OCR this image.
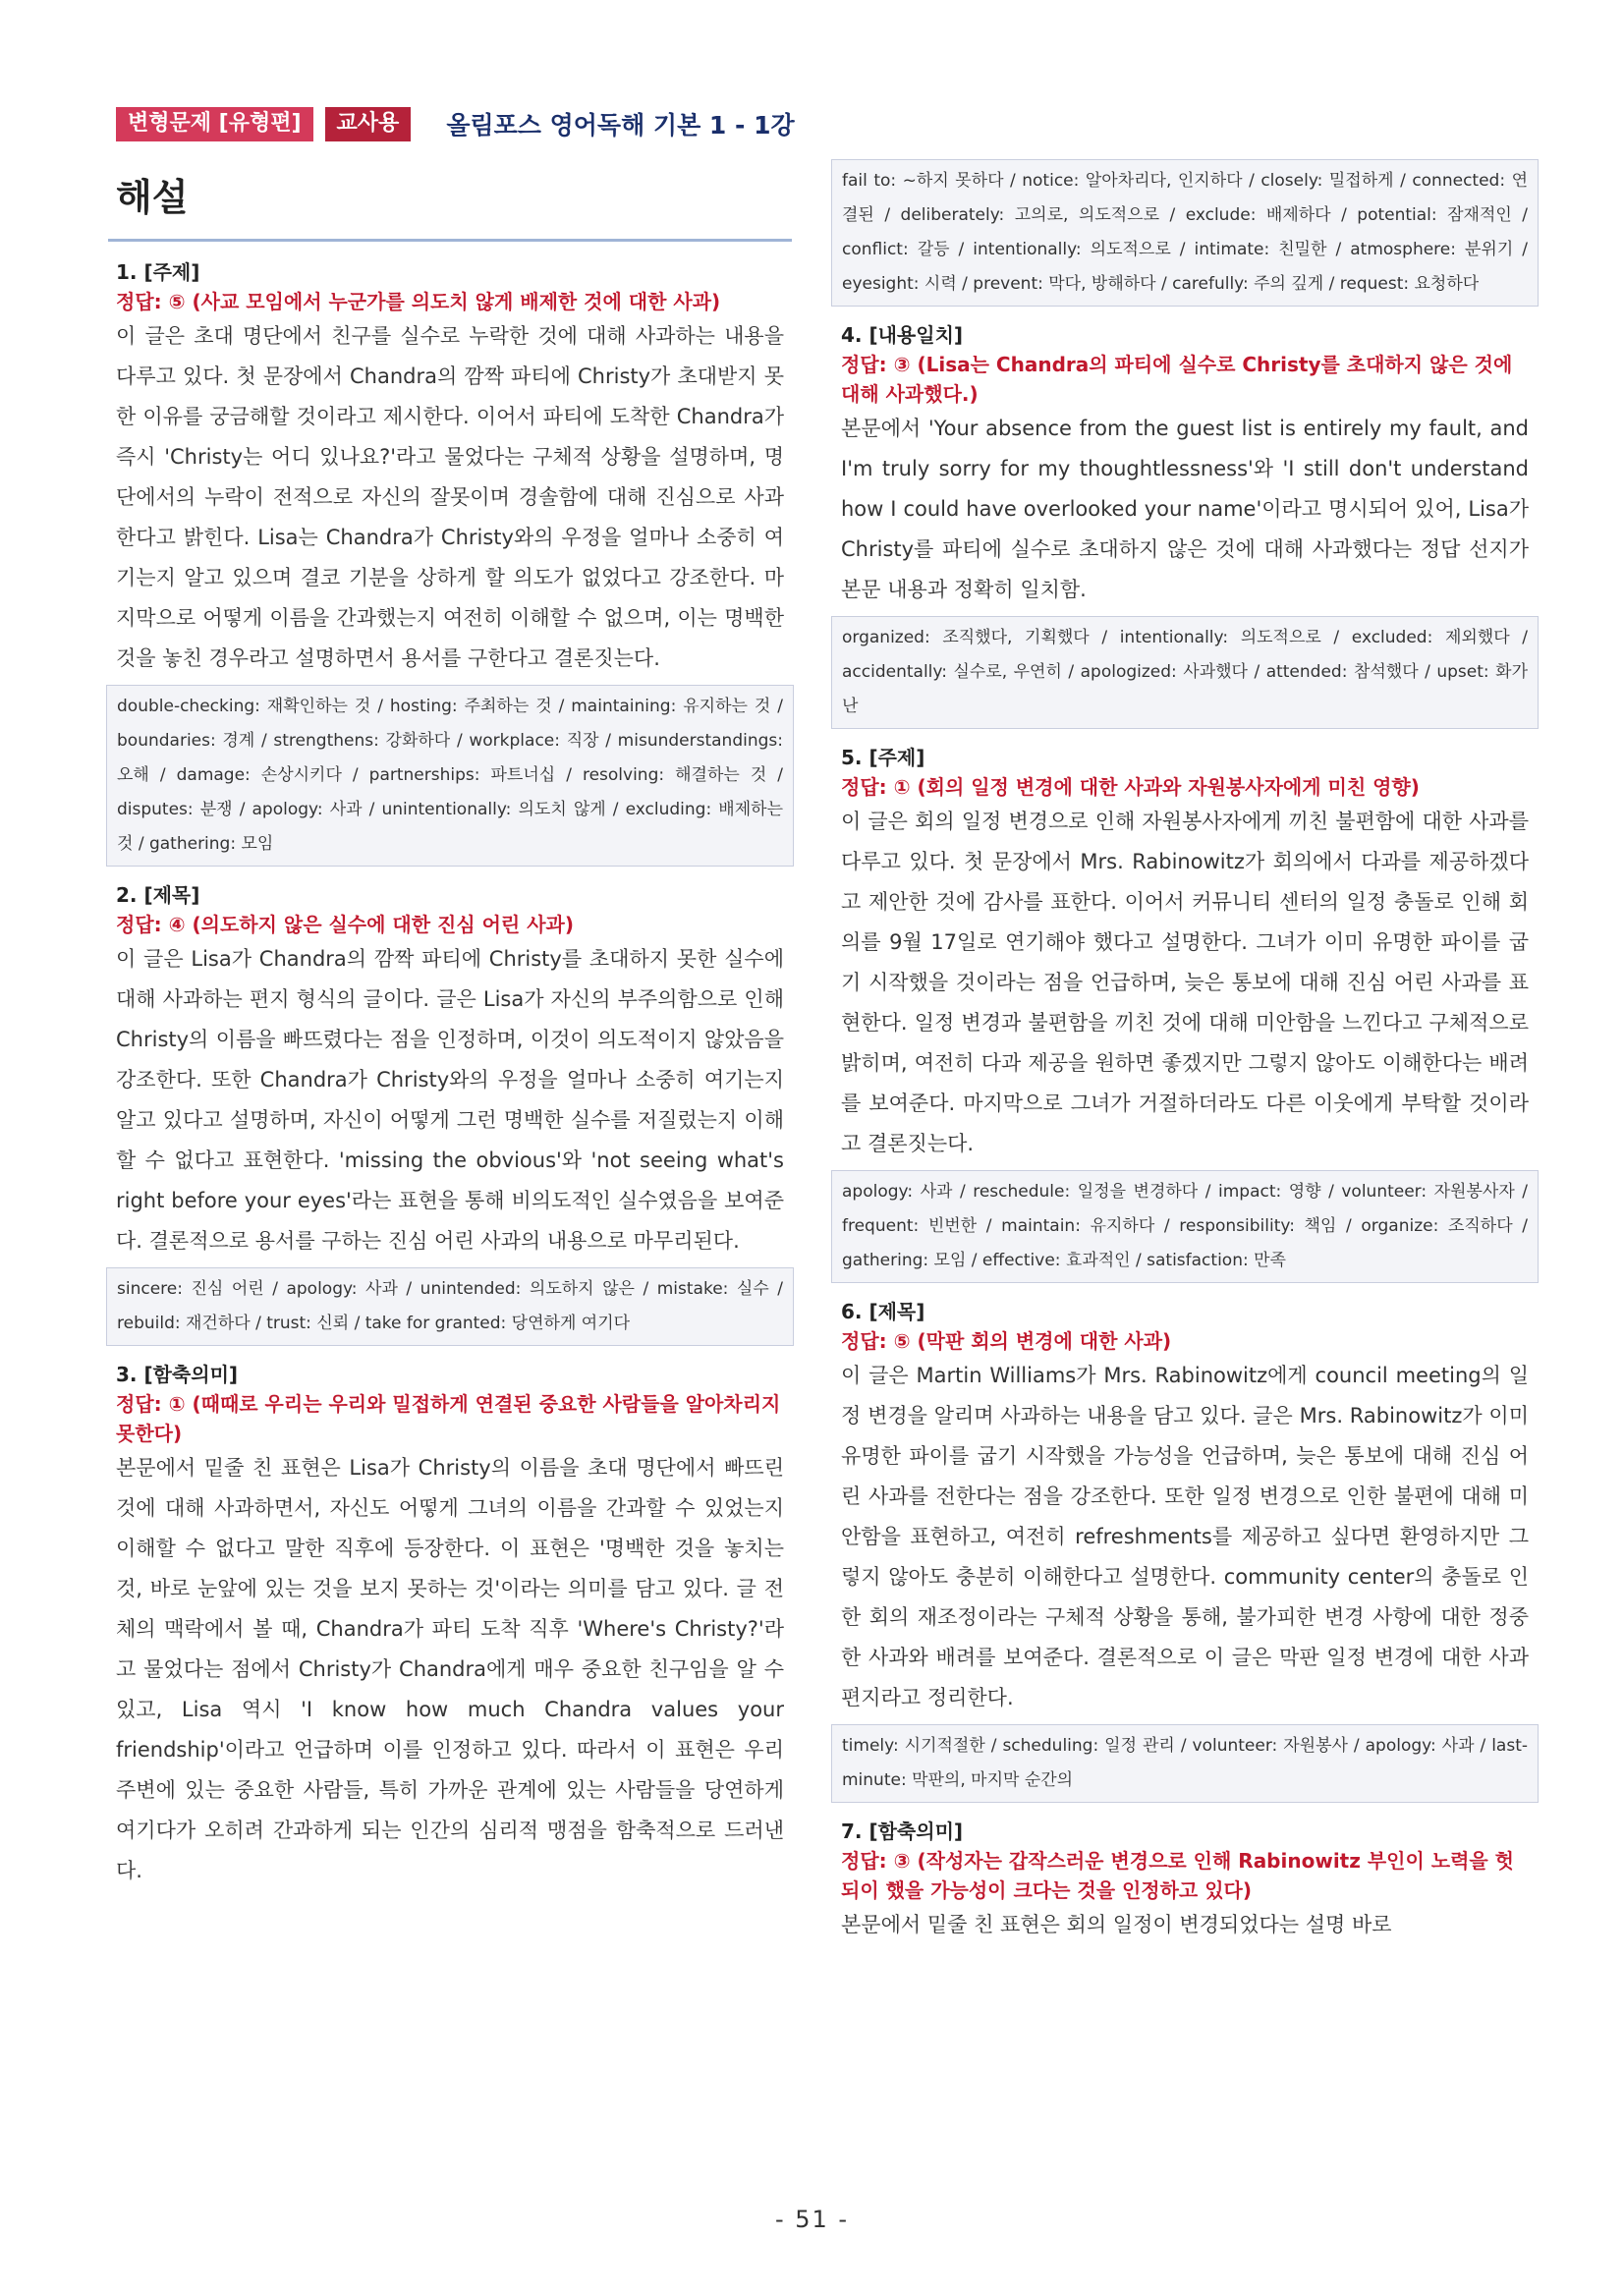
변형문제 [유형편]	교사용	올림포스 영어독해 기본 1 - 1강
해설
1. [주제]
정답: ⑤ (사교 모임에서 누군가를 의도치 않게 배제한 것에 대한 사과)
이 글은 초대 명단에서 친구를 실수로 누락한 것에 대해 사과하는 내용을 다루고 있다. 첫 문장에서 Chandra의 깜짝 파티에 Christy가 초대받지 못한 이유를 궁금해할 것이라고 제시한다. 이어서 파티에 도착한 Chandra가 즉시 'Christy는 어디 있나요?'라고 물었다는 구체적 상황을 설명하며, 명단에서의 누락이 전적으로 자신의 잘못이며 경솔함에 대해 진심으로 사과한다고 밝힌다. Lisa는 Chandra가 Christy와의 우정을 얼마나 소중히 여기는지 알고 있으며 결코 기분을 상하게 할 의도가 없었다고 강조한다. 마지막으로 어떻게 이름을 간과했는지 여전히 이해할 수 없으며, 이는 명백한 것을 놓친 경우라고 설명하면서 용서를 구한다고 결론짓는다.
double-checking: 재확인하는 것 / hosting: 주최하는 것 / maintaining: 유지하는 것 / boundaries: 경계 / strengthens: 강화하다 / workplace: 직장 / misunderstandings: 오해 / damage: 손상시키다 / partnerships: 파트너십 / resolving: 해결하는 것 / disputes: 분쟁 / apology: 사과 / unintentionally: 의도치 않게 / excluding: 배제하는 것 / gathering: 모임
2. [제목]
정답: ④ (의도하지 않은 실수에 대한 진심 어린 사과)
이 글은 Lisa가 Chandra의 깜짝 파티에 Christy를 초대하지 못한 실수에 대해 사과하는 편지 형식의 글이다. 글은 Lisa가 자신의 부주의함으로 인해 Christy의 이름을 빠뜨렸다는 점을 인정하며, 이것이 의도적이지 않았음을 강조한다. 또한 Chandra가 Christy와의 우정을 얼마나 소중히 여기는지 알고 있다고 설명하며, 자신이 어떻게 그런 명백한 실수를 저질렀는지 이해할 수 없다고 표현한다. 'missing the obvious'와 'not seeing what's right before your eyes'라는 표현을 통해 비의도적인 실수였음을 보여준다. 결론적으로 용서를 구하는 진심 어린 사과의 내용으로 마무리된다.
sincere: 진심 어린 / apology: 사과 / unintended: 의도하지 않은 / mistake: 실수 / rebuild: 재건하다 / trust: 신뢰 / take for granted: 당연하게 여기다
3. [함축의미]
정답: ① (때때로 우리는 우리와 밀접하게 연결된 중요한 사람들을 알아차리지 못한다)
본문에서 밑줄 친 표현은 Lisa가 Christy의 이름을 초대 명단에서 빠뜨린 것에 대해 사과하면서, 자신도 어떻게 그녀의 이름을 간과할 수 있었는지 이해할 수 없다고 말한 직후에 등장한다. 이 표현은 '명백한 것을 놓치는 것, 바로 눈앞에 있는 것을 보지 못하는 것'이라는 의미를 담고 있다. 글 전체의 맥락에서 볼 때, Chandra가 파티 도착 직후 'Where's Christy?'라고 물었다는 점에서 Christy가 Chandra에게 매우 중요한 친구임을 알 수 있고, Lisa 역시 'I know how much Chandra values your friendship'이라고 언급하며 이를 인정하고 있다. 따라서 이 표현은 우리 주변에 있는 중요한 사람들, 특히 가까운 관계에 있는 사람들을 당연하게 여기다가 오히려 간과하게 되는 인간의 심리적 맹점을 함축적으로 드러낸다.
fail to: ~하지 못하다 / notice: 알아차리다, 인지하다 / closely: 밀접하게 / connected: 연결된 / deliberately: 고의로, 의도적으로 / exclude: 배제하다 / potential: 잠재적인 / conflict: 갈등 / intentionally: 의도적으로 / intimate: 친밀한 / atmosphere: 분위기 / eyesight: 시력 / prevent: 막다, 방해하다 / carefully: 주의 깊게 / request: 요청하다
4. [내용일치]
정답: ③ (Lisa는 Chandra의 파티에 실수로 Christy를 초대하지 않은 것에 대해 사과했다.)
본문에서 'Your absence from the guest list is entirely my fault, and I'm truly sorry for my thoughtlessness'와 'I still don't understand how I could have overlooked your name'이라고 명시되어 있어, Lisa가 Christy를 파티에 실수로 초대하지 않은 것에 대해 사과했다는 정답 선지가 본문 내용과 정확히 일치함.
organized: 조직했다, 기획했다 / intentionally: 의도적으로 / excluded: 제외했다 / accidentally: 실수로, 우연히 / apologized: 사과했다 / attended: 참석했다 / upset: 화가 난
5. [주제]
정답: ① (회의 일정 변경에 대한 사과와 자원봉사자에게 미친 영향)
이 글은 회의 일정 변경으로 인해 자원봉사자에게 끼친 불편함에 대한 사과를 다루고 있다. 첫 문장에서 Mrs. Rabinowitz가 회의에서 다과를 제공하겠다고 제안한 것에 감사를 표한다. 이어서 커뮤니티 센터의 일정 충돌로 인해 회의를 9월 17일로 연기해야 했다고 설명한다. 그녀가 이미 유명한 파이를 굽기 시작했을 것이라는 점을 언급하며, 늦은 통보에 대해 진심 어린 사과를 표현한다. 일정 변경과 불편함을 끼친 것에 대해 미안함을 느낀다고 구체적으로 밝히며, 여전히 다과 제공을 원하면 좋겠지만 그렇지 않아도 이해한다는 배려를 보여준다. 마지막으로 그녀가 거절하더라도 다른 이웃에게 부탁할 것이라고 결론짓는다.
apology: 사과 / reschedule: 일정을 변경하다 / impact: 영향 / volunteer: 자원봉사자 / frequent: 빈번한 / maintain: 유지하다 / responsibility: 책임 / organize: 조직하다 / gathering: 모임 / effective: 효과적인 / satisfaction: 만족
6. [제목]
정답: ⑤ (막판 회의 변경에 대한 사과)
이 글은 Martin Williams가 Mrs. Rabinowitz에게 council meeting의 일정 변경을 알리며 사과하는 내용을 담고 있다. 글은 Mrs. Rabinowitz가 이미 유명한 파이를 굽기 시작했을 가능성을 언급하며, 늦은 통보에 대해 진심 어린 사과를 전한다는 점을 강조한다. 또한 일정 변경으로 인한 불편에 대해 미안함을 표현하고, 여전히 refreshments를 제공하고 싶다면 환영하지만 그렇지 않아도 충분히 이해한다고 설명한다. community center의 충돌로 인한 회의 재조정이라는 구체적 상황을 통해, 불가피한 변경 사항에 대한 정중한 사과와 배려를 보여준다. 결론적으로 이 글은 막판 일정 변경에 대한 사과 편지라고 정리한다.
timely: 시기적절한 / scheduling: 일정 관리 / volunteer: 자원봉사 / apology: 사과 / last-minute: 막판의, 마지막 순간의
7. [함축의미]
정답: ③ (작성자는 갑작스러운 변경으로 인해 Rabinowitz 부인이 노력을 헛되이 했을 가능성이 크다는 것을 인정하고 있다)
본문에서 밑줄 친 표현은 회의 일정이 변경되었다는 설명 바로
- 51 -
